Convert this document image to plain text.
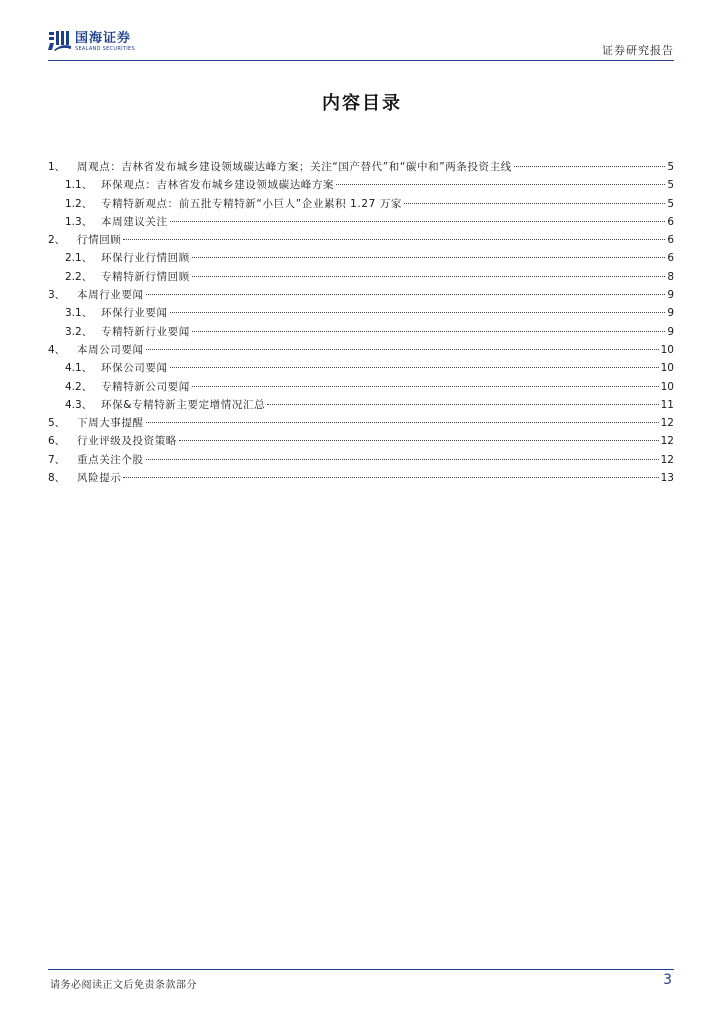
国海证券
SEALAND SECURITIES	证券研究报告
内容目录
1、	周观点：吉林省发布城乡建设领域碳达峰方案；关注“国产替代”和“碳中和”两条投资主线	5
1.1、 环保观点：吉林省发布城乡建设领域碳达峰方案	5
1.2、 专精特新观点：前五批专精特新“小巨人”企业累积 1.27 万家	5
1.3、 本周建议关注	6
2、	行情回顾	6
2.1、 环保行业行情回顾	6
2.2、 专精特新行情回顾	8
3、	本周行业要闻	9
3.1、 环保行业要闻	9
3.2、 专精特新行业要闻	9
4、	本周公司要闻	10
4.1、 环保公司要闻	10
4.2、 专精特新公司要闻	10
4.3、 环保&专精特新主要定增情况汇总	11
5、	下周大事提醒	12
6、	行业评级及投资策略	12
7、	重点关注个股	12
8、	风险提示	13
请务必阅读正文后免责条款部分	3
